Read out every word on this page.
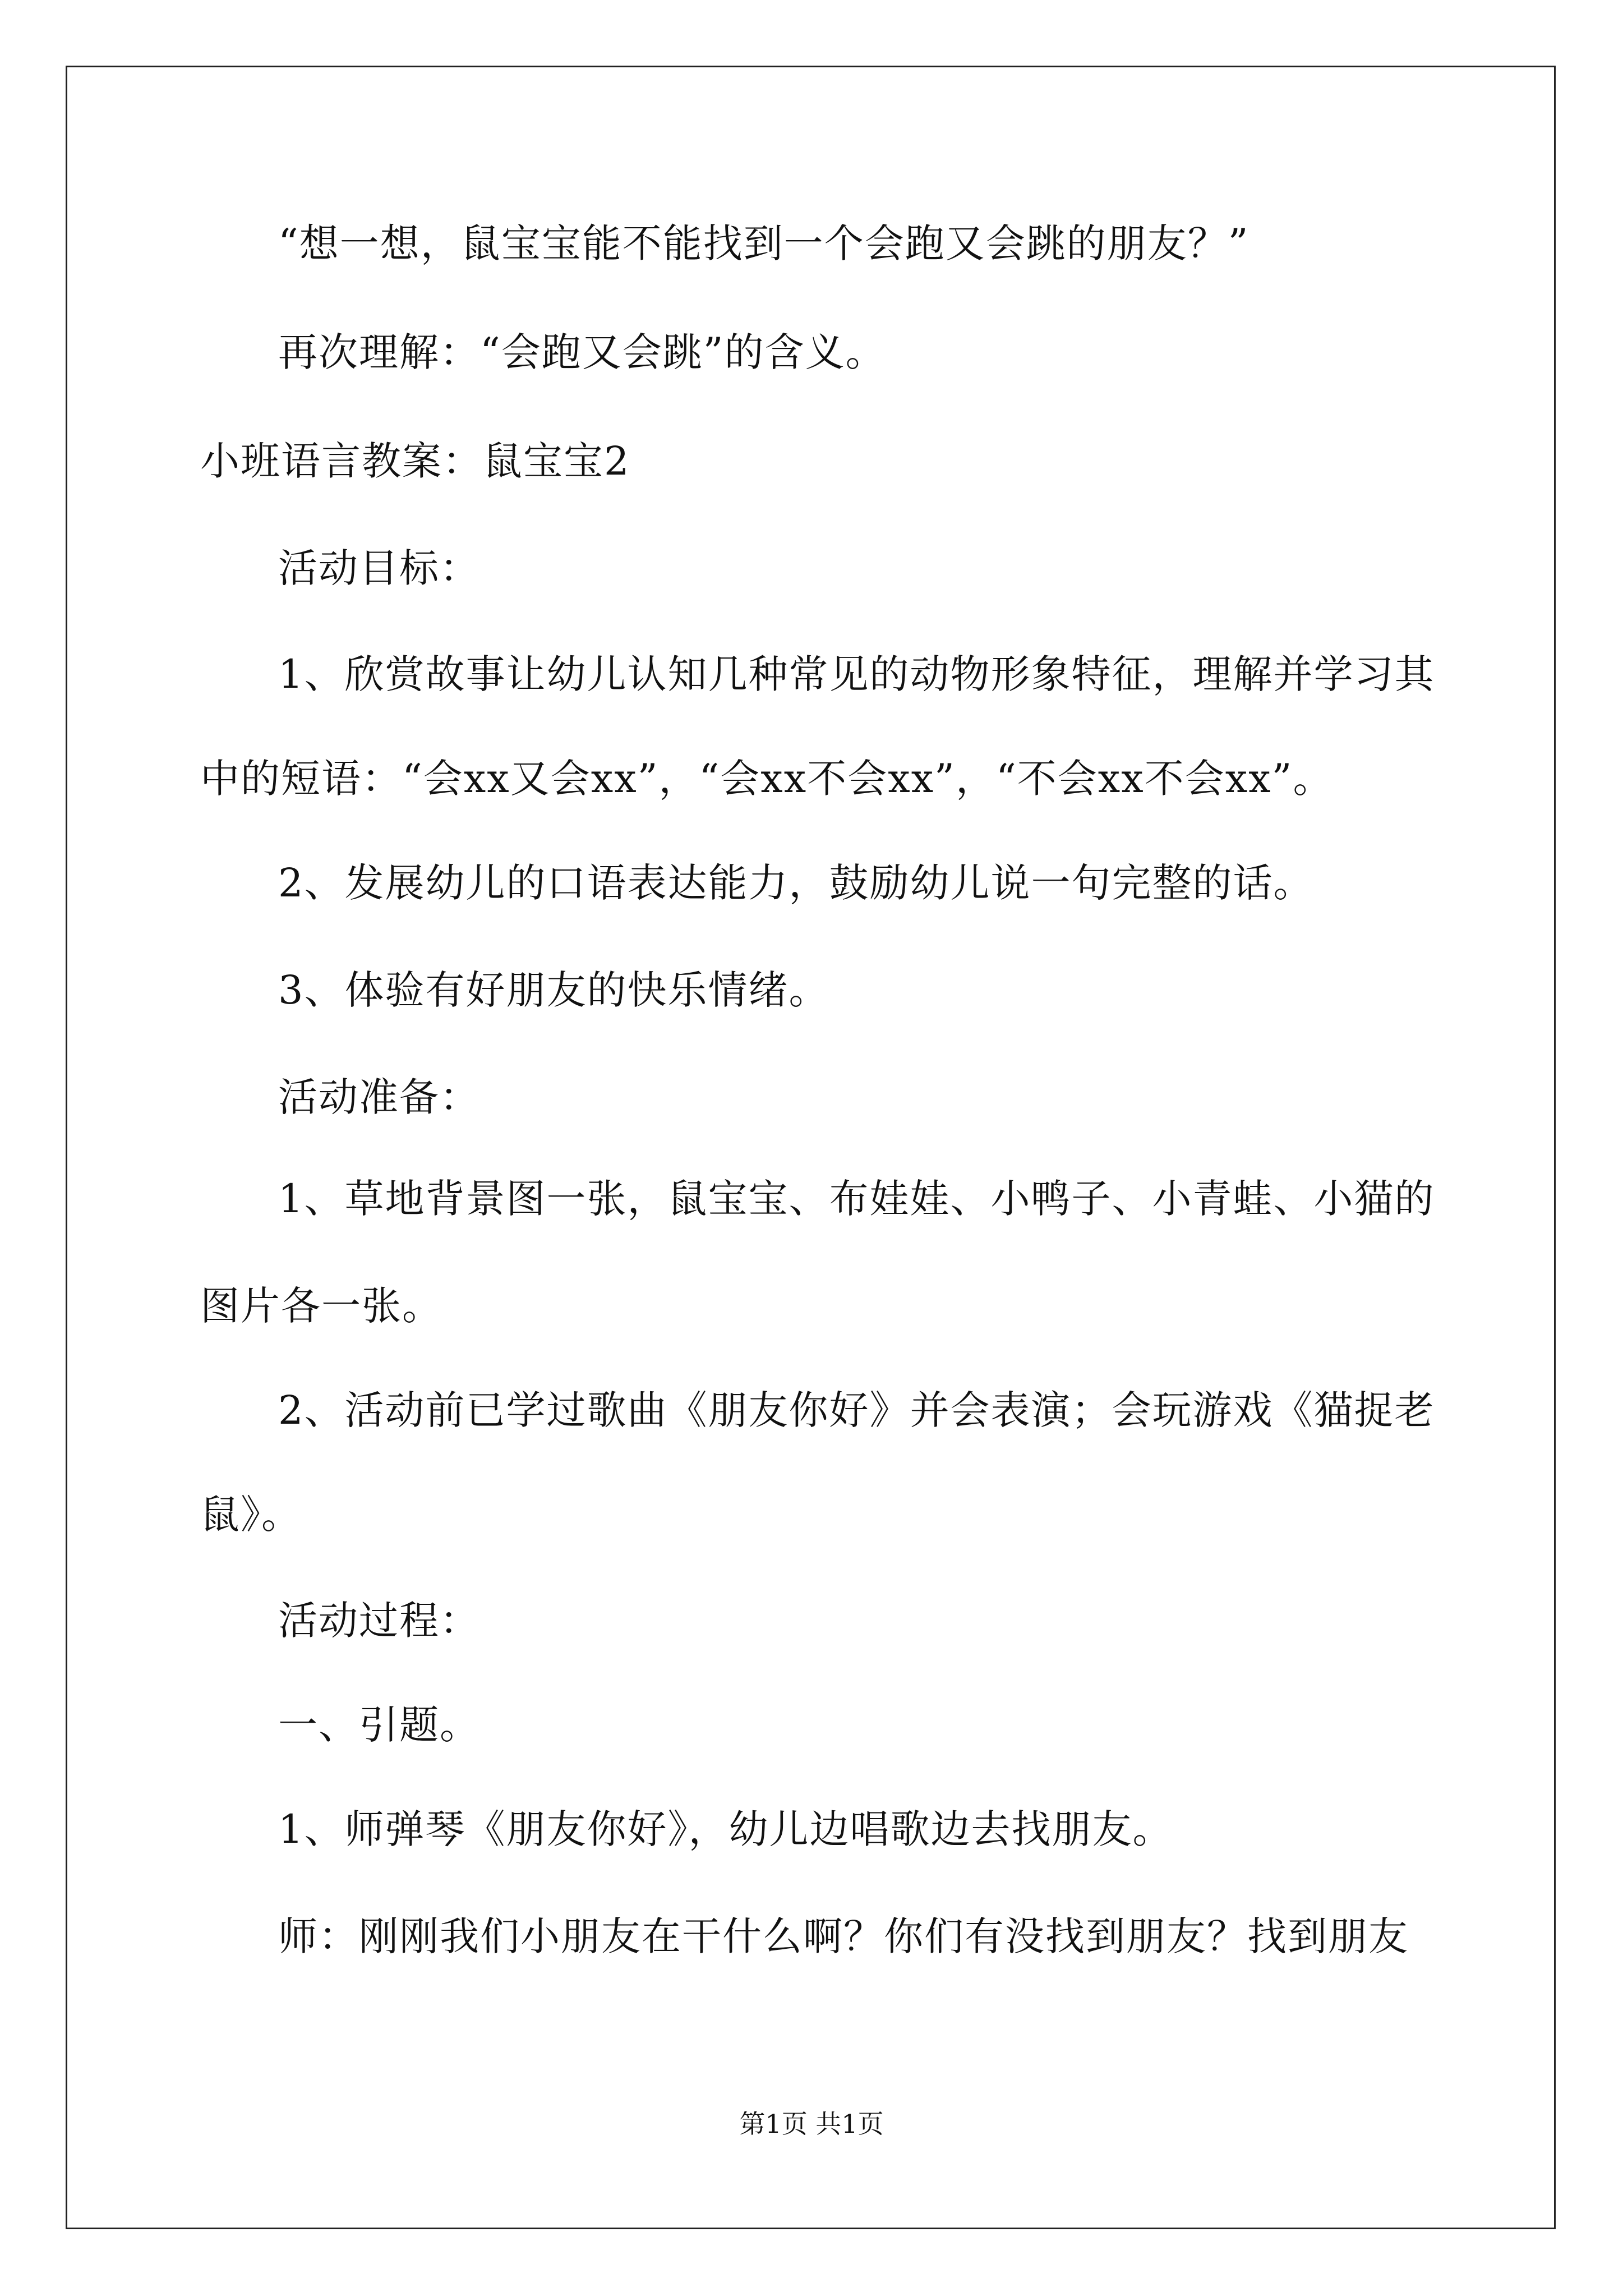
“想一想，鼠宝宝能不能找到一个会跑又会跳的朋友？”
再次理解：“会跑又会跳”的含义。
小班语言教案：鼠宝宝2
活动目标：
1、欣赏故事让幼儿认知几种常见的动物形象特征，理解并学习其
中的短语：“会xx又会xx”，“会xx不会xx”，“不会xx不会xx”。
2、发展幼儿的口语表达能力，鼓励幼儿说一句完整的话。
3、体验有好朋友的快乐情绪。
活动准备：
1、草地背景图一张，鼠宝宝、布娃娃、小鸭子、小青蛙、小猫的
图片各一张。
2、活动前已学过歌曲《朋友你好》并会表演；会玩游戏《猫捉老
鼠》。
活动过程：
一、引题。
1、师弹琴《朋友你好》，幼儿边唱歌边去找朋友。
师：刚刚我们小朋友在干什么啊？你们有没找到朋友？找到朋友
第1页 共1页
